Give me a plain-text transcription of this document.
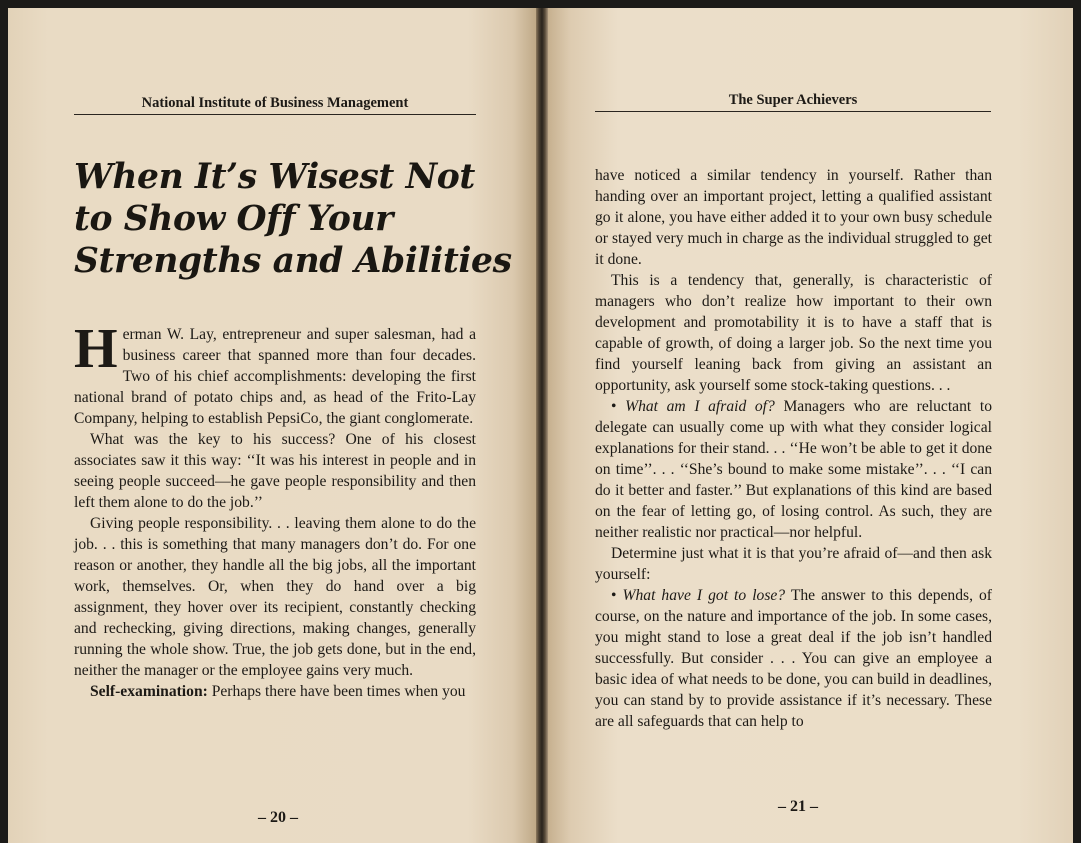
National Institute of Business Management
When It’s Wisest Not
to Show Off Your
Strengths and Abilities

Herman W. Lay, entrepreneur and super salesman, had a business career that spanned more than four decades. Two of his chief accomplishments: developing the first national brand of potato chips and, as head of the Frito-Lay Company, helping to establish PepsiCo, the giant conglomerate.

What was the key to his success? One of his closest associates saw it this way: ‘‘It was his interest in people and in seeing people succeed—he gave people responsibility and then left them alone to do the job.’’

Giving people responsibility. . . leaving them alone to do the job. . . this is something that many managers don’t do. For one reason or another, they handle all the big jobs, all the important work, themselves. Or, when they do hand over a big assignment, they hover over its recipient, constantly checking and rechecking, giving directions, making changes, generally running the whole show. True, the job gets done, but in the end, neither the manager or the employee gains very much.

Self-examination: Perhaps there have been times when you

– 20 –
The Super Achievers

have noticed a similar tendency in yourself. Rather than handing over an important project, letting a qualified assistant go it alone, you have either added it to your own busy schedule or stayed very much in charge as the individual struggled to get it done.

This is a tendency that, generally, is characteristic of managers who don’t realize how important to their own development and promotability it is to have a staff that is capable of growth, of doing a larger job. So the next time you find yourself leaning back from giving an assistant an opportunity, ask yourself some stock-taking questions. . .

• What am I afraid of? Managers who are reluctant to delegate can usually come up with what they consider logical explanations for their stand. . . ‘‘He won’t be able to get it done on time’’. . . ‘‘She’s bound to make some mistake’’. . . ‘‘I can do it better and faster.’’ But explanations of this kind are based on the fear of letting go, of losing control. As such, they are neither realistic nor practical—nor helpful.

Determine just what it is that you’re afraid of—and then ask yourself:

• What have I got to lose? The answer to this depends, of course, on the nature and importance of the job. In some cases, you might stand to lose a great deal if the job isn’t handled successfully. But consider . . . You can give an employee a basic idea of what needs to be done, you can build in deadlines, you can stand by to provide assistance if it’s necessary. These are all safeguards that can help to

– 21 –
